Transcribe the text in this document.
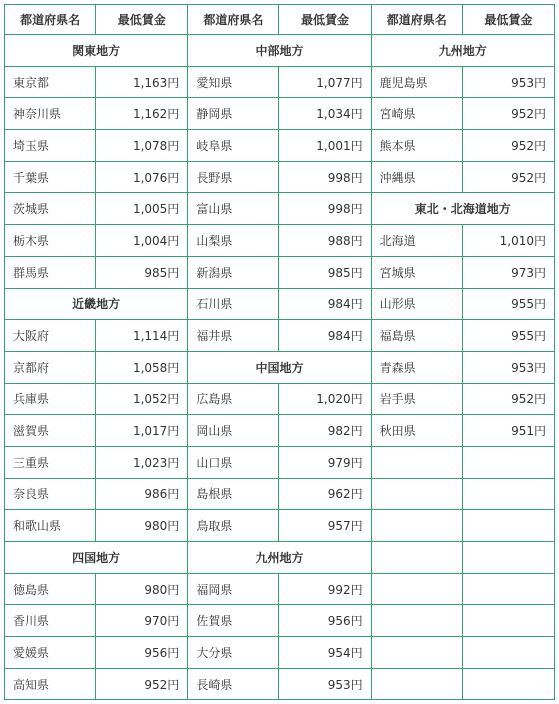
都道府県名	最低賃金	都道府県名	最低賃金	都道府県名	最低賃金
関東地方		中部地方		九州地方	
東京都	1,163円	愛知県	1,077円	鹿児島県	953円
神奈川県	1,162円	静岡県	1,034円	宮崎県	952円
埼玉県	1,078円	岐阜県	1,001円	熊本県	952円
千葉県	1,076円	長野県	998円	沖縄県	952円
茨城県	1,005円	富山県	998円	東北・北海道地方	
栃木県	1,004円	山梨県	988円	北海道	1,010円
群馬県	985円	新潟県	985円	宮城県	973円
近畿地方		石川県	984円	山形県	955円
大阪府	1,114円	福井県	984円	福島県	955円
京都府	1,058円	中国地方		青森県	953円
兵庫県	1,052円	広島県	1,020円	岩手県	952円
滋賀県	1,017円	岡山県	982円	秋田県	951円
三重県	1,023円	山口県	979円		
奈良県	986円	島根県	962円		
和歌山県	980円	鳥取県	957円		
四国地方		九州地方			
徳島県	980円	福岡県	992円		
香川県	970円	佐賀県	956円		
愛媛県	956円	大分県	954円		
高知県	952円	長崎県	953円		
